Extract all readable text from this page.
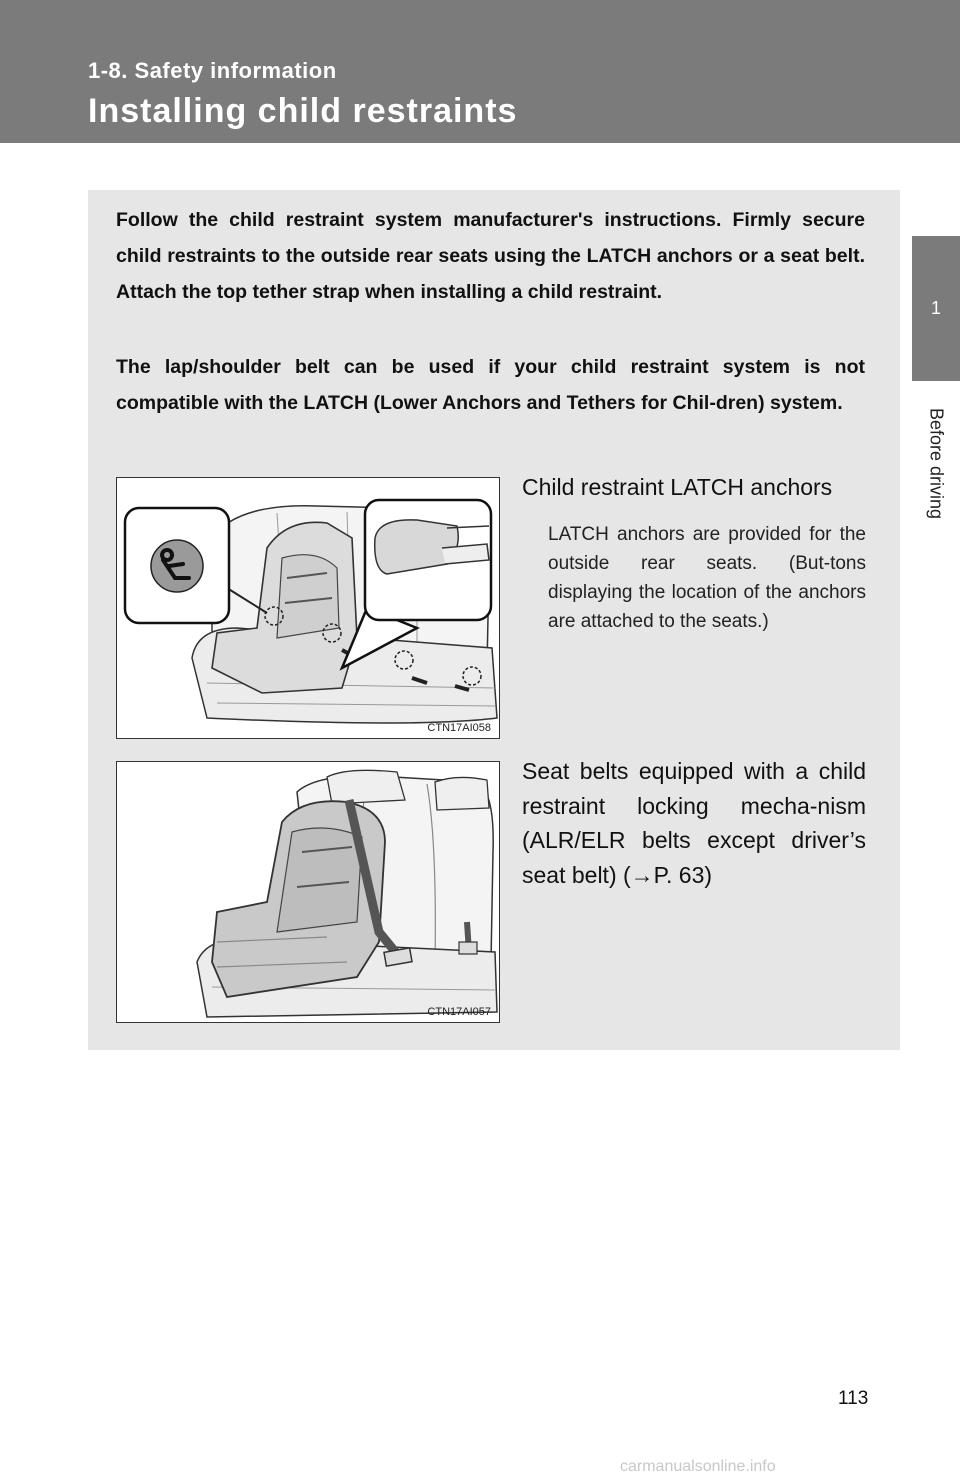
1-8. Safety information

Installing child restraints
1
Before driving

Follow the child restraint system manufacturer's instructions. Firmly secure child restraints to the outside rear seats using the LATCH anchors or a seat belt. Attach the top tether strap when installing a child restraint.

The lap/shoulder belt can be used if your child restraint system is not compatible with the LATCH (Lower Anchors and Tethers for Chil-dren) system.

CTN17AI058

Child restraint LATCH anchors

LATCH anchors are provided for the outside rear seats. (But-tons displaying the location of the anchors are attached to the seats.)

CTN17AI057

Seat belts equipped with a child restraint locking mecha-nism (ALR/ELR belts except driver’s seat belt) (→P. 63)

113
carmanualsonline.info
